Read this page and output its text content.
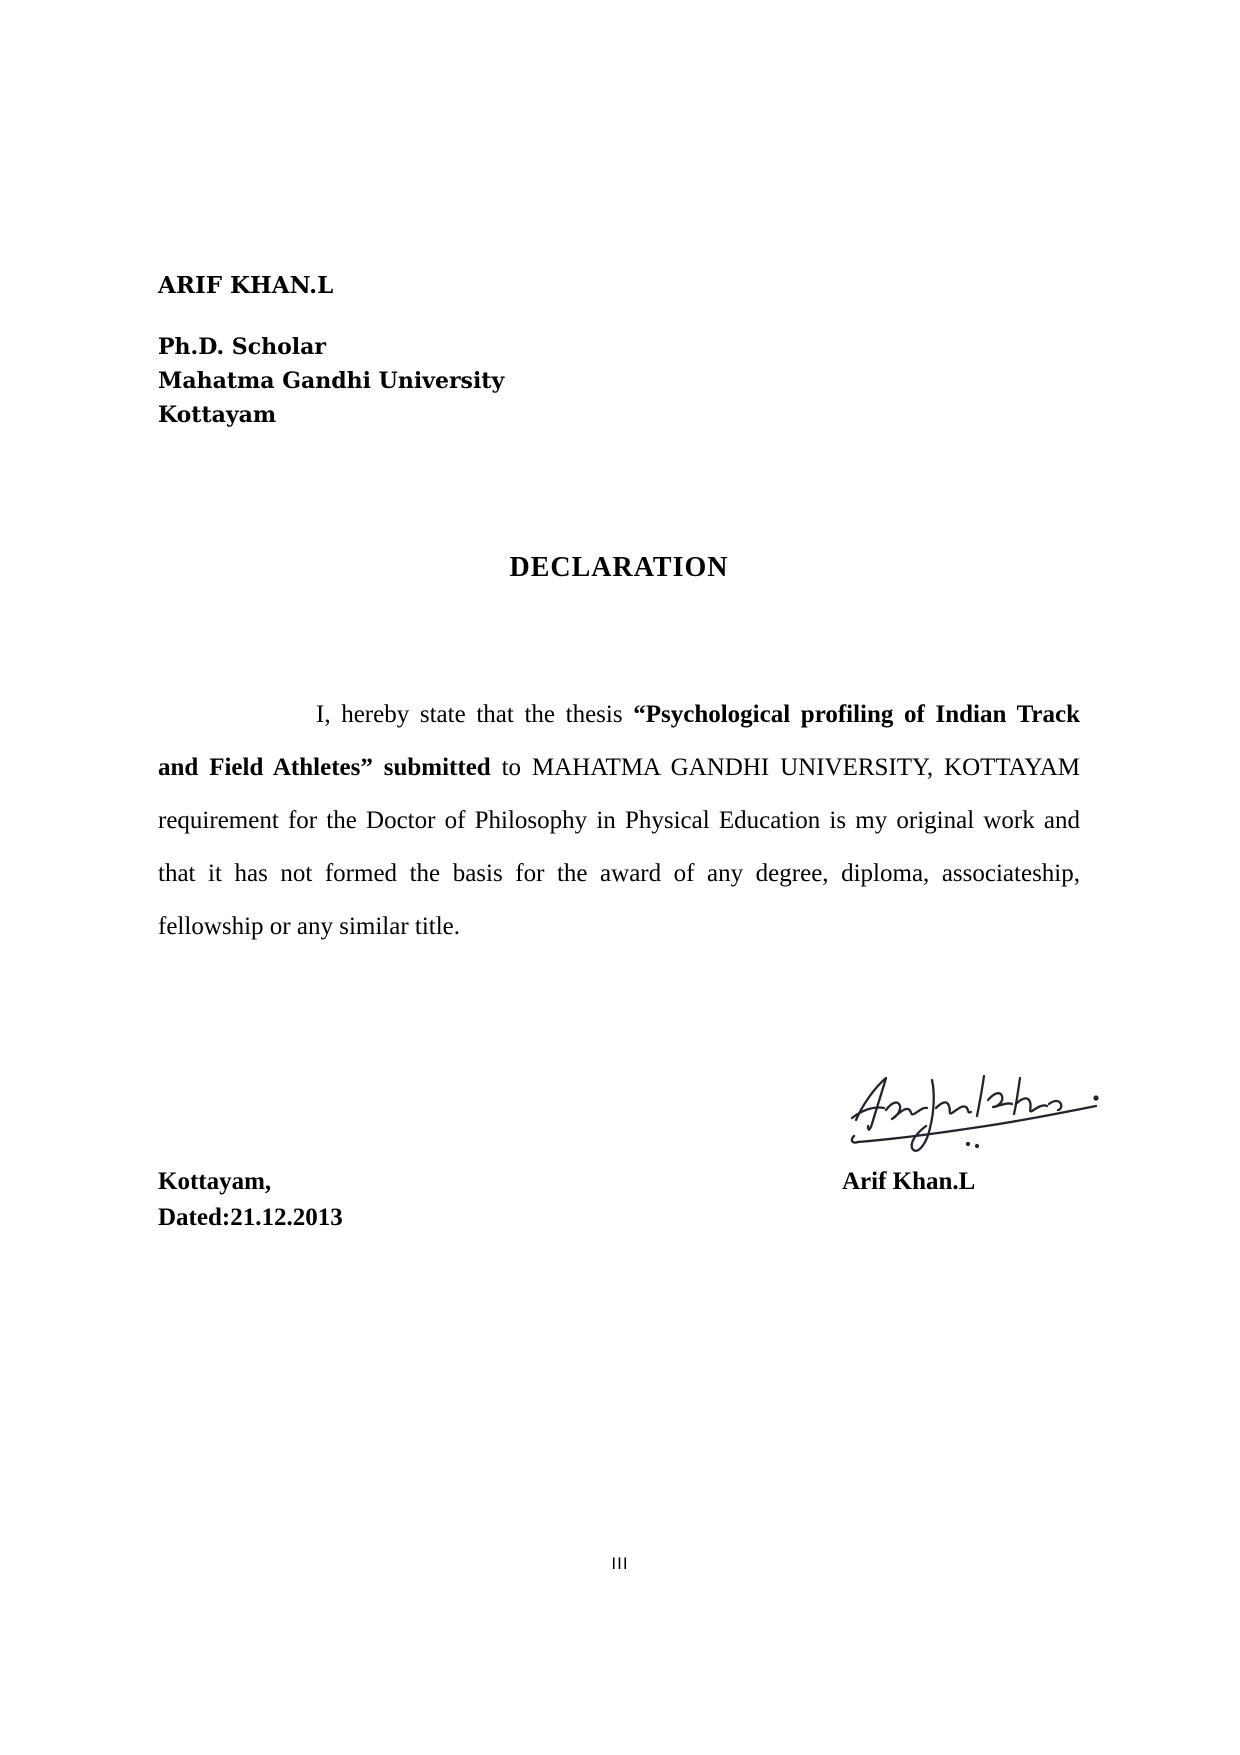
ARIF KHAN.L
Ph.D. Scholar
Mahatma Gandhi University
Kottayam
DECLARATION

I, hereby state that the thesis “Psychological profiling of Indian Track and Field Athletes” submitted to MAHATMA GANDHI UNIVERSITY, KOTTAYAM requirement for the Doctor of Philosophy in Physical Education is my original work and that it has not formed the basis for the award of any degree, diploma, associateship, fellowship or any similar title.

Kottayam,	Arif Khan.L
Dated:21.12.2013
III
